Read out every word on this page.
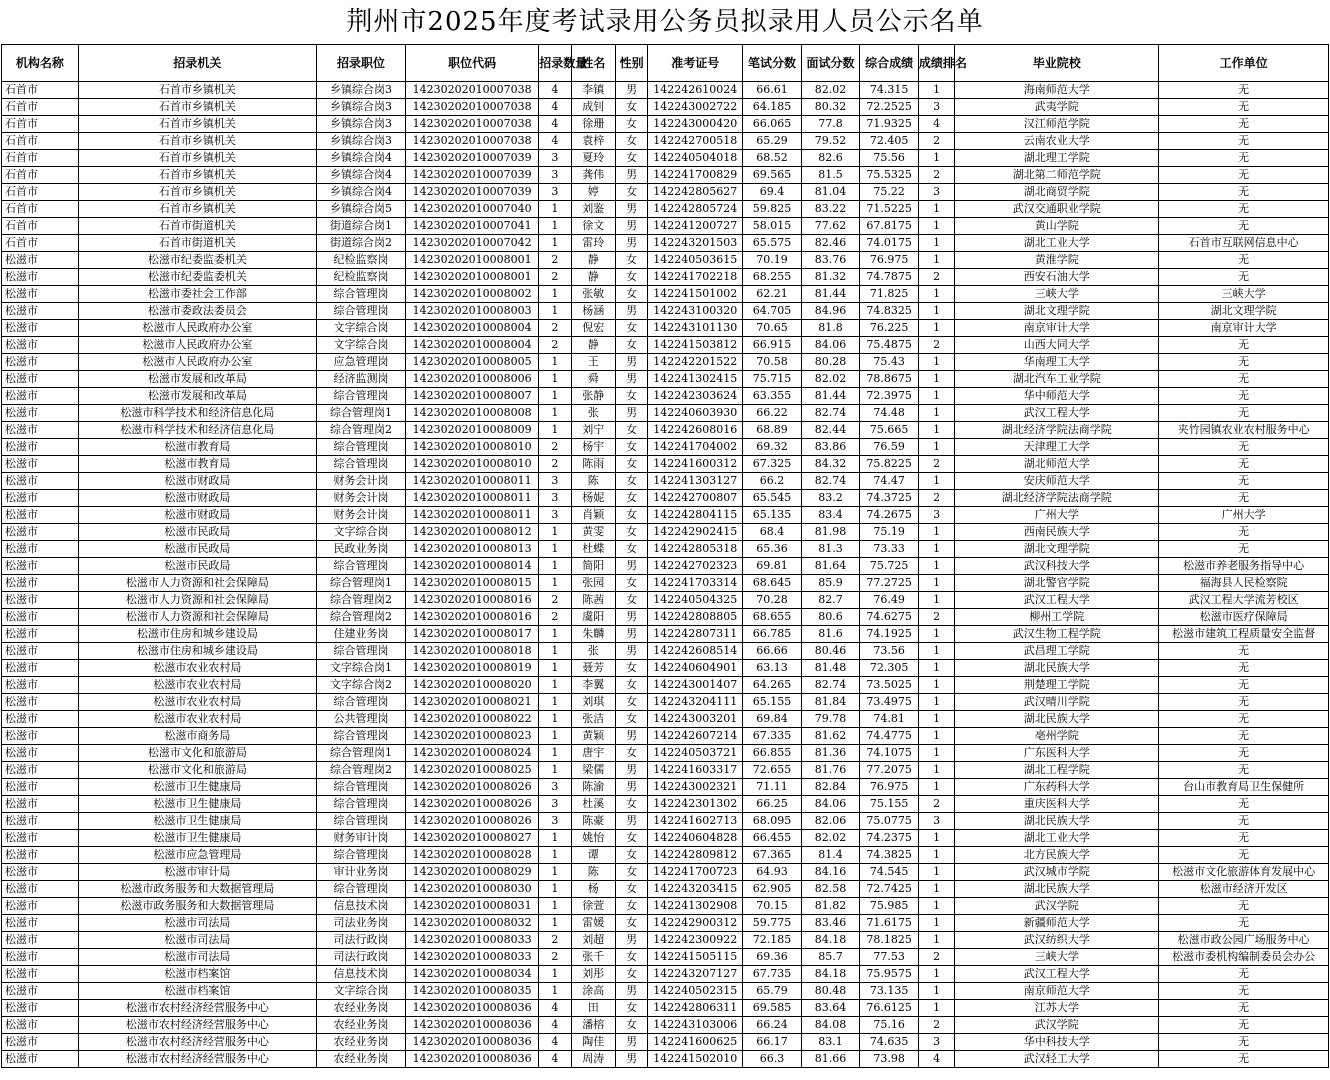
荆州市2025年度考试录用公务员拟录用人员公示名单
机构名称	招录机关	招录职位	职位代码	招录数量	姓名	性别	准考证号	笔试分数	面试分数	综合成绩	成绩排名	毕业院校	工作单位
石首市	石首市乡镇机关	乡镇综合岗3	14230202010007038	4	李镇	男	142242610024	66.61	82.02	74.315	1	海南师范大学	无
石首市	石首市乡镇机关	乡镇综合岗3	14230202010007038	4	成钊	女	142243002722	64.185	80.32	72.2525	3	武夷学院	无
石首市	石首市乡镇机关	乡镇综合岗3	14230202010007038	4	徐珊	女	142243000420	66.065	77.8	71.9325	4	汉江师范学院	无
石首市	石首市乡镇机关	乡镇综合岗3	14230202010007038	4	袁梓	女	142242700518	65.29	79.52	72.405	2	云南农业大学	无
石首市	石首市乡镇机关	乡镇综合岗4	14230202010007039	3	夏玲	女	142240504018	68.52	82.6	75.56	1	湖北理工学院	无
石首市	石首市乡镇机关	乡镇综合岗4	14230202010007039	3	龚伟	男	142241700829	69.565	81.5	75.5325	2	湖北第二师范学院	无
石首市	石首市乡镇机关	乡镇综合岗4	14230202010007039	3	婷	女	142242805627	69.4	81.04	75.22	3	湖北商贸学院	无
石首市	石首市乡镇机关	乡镇综合岗5	14230202010007040	1	刘鉴	男	142242805724	59.825	83.22	71.5225	1	武汉交通职业学院	无
石首市	石首市街道机关	街道综合岗1	14230202010007041	1	徐文	男	142241200727	58.015	77.62	67.8175	1	黄山学院	无
石首市	石首市街道机关	街道综合岗2	14230202010007042	1	雷玲	男	142243201503	65.575	82.46	74.0175	1	湖北工业大学	石首市互联网信息中心
松滋市	松滋市纪委监委机关	纪检监察岗	14230202010008001	2	静	女	142240503615	70.19	83.76	76.975	1	黄淮学院	无
松滋市	松滋市纪委监委机关	纪检监察岗	14230202010008001	2	静	女	142241702218	68.255	81.32	74.7875	2	西安石油大学	无
松滋市	松滋市委社会工作部	综合管理岗	14230202010008002	1	张敏	女	142241501002	62.21	81.44	71.825	1	三峡大学	三峡大学
松滋市	松滋市委政法委员会	综合管理岗	14230202010008003	1	杨涵	男	142243100320	64.705	84.96	74.8325	1	湖北文理学院	湖北文理学院
松滋市	松滋市人民政府办公室	文字综合岗	14230202010008004	2	倪宏	女	142243101130	70.65	81.8	76.225	1	南京审计大学	南京审计大学
松滋市	松滋市人民政府办公室	文字综合岗	14230202010008004	2	静	女	142241503812	66.915	84.06	75.4875	2	山西大同大学	无
松滋市	松滋市人民政府办公室	应急管理岗	14230202010008005	1	王	男	142242201522	70.58	80.28	75.43	1	华南理工大学	无
松滋市	松滋市发展和改革局	经济监测岗	14230202010008006	1	舜	男	142241302415	75.715	82.02	78.8675	1	湖北汽车工业学院	无
松滋市	松滋市发展和改革局	综合管理岗	14230202010008007	1	张静	女	142242303624	63.355	81.44	72.3975	1	华中师范大学	无
松滋市	松滋市科学技术和经济信息化局	综合管理岗1	14230202010008008	1	张	男	142240603930	66.22	82.74	74.48	1	武汉工程大学	无
松滋市	松滋市科学技术和经济信息化局	综合管理岗2	14230202010008009	1	刘宁	女	142242608016	68.89	82.44	75.665	1	湖北经济学院法商学院	夹竹园镇农业农村服务中心
松滋市	松滋市教育局	综合管理岗	14230202010008010	2	杨宇	女	142241704002	69.32	83.86	76.59	1	天津理工大学	无
松滋市	松滋市教育局	综合管理岗	14230202010008010	2	陈雨	女	142241600312	67.325	84.32	75.8225	2	湖北师范大学	无
松滋市	松滋市财政局	财务会计岗	14230202010008011	3	陈	女	142241303127	66.2	82.74	74.47	1	安庆师范大学	无
松滋市	松滋市财政局	财务会计岗	14230202010008011	3	杨妮	女	142242700807	65.545	83.2	74.3725	2	湖北经济学院法商学院	无
松滋市	松滋市财政局	财务会计岗	14230202010008011	3	肖颖	女	142242804115	65.135	83.4	74.2675	3	广州大学	广州大学
松滋市	松滋市民政局	文字综合岗	14230202010008012	1	黄雯	女	142242902415	68.4	81.98	75.19	1	西南民族大学	无
松滋市	松滋市民政局	民政业务岗	14230202010008013	1	杜蝶	女	142242805318	65.36	81.3	73.33	1	湖北文理学院	无
松滋市	松滋市民政局	综合管理岗	14230202010008014	1	简阳	男	142242702323	69.81	81.64	75.725	1	武汉科技大学	松滋市养老服务指导中心
松滋市	松滋市人力资源和社会保障局	综合管理岗1	14230202010008015	1	张园	女	142241703314	68.645	85.9	77.2725	1	湖北警官学院	福海县人民检察院
松滋市	松滋市人力资源和社会保障局	综合管理岗2	14230202010008016	2	陈茜	女	142240504325	70.28	82.7	76.49	1	武汉工程大学	武汉工程大学流芳校区
松滋市	松滋市人力资源和社会保障局	综合管理岗2	14230202010008016	2	虞阳	男	142242808805	68.655	80.6	74.6275	2	柳州工学院	松滋市医疗保障局
松滋市	松滋市住房和城乡建设局	住建业务岗	14230202010008017	1	朱麟	男	142242807311	66.785	81.6	74.1925	1	武汉生物工程学院	松滋市建筑工程质量安全监督
松滋市	松滋市住房和城乡建设局	综合管理岗	14230202010008018	1	张	男	142242608514	66.66	80.46	73.56	1	武昌理工学院	无
松滋市	松滋市农业农村局	文字综合岗1	14230202010008019	1	聂芳	女	142240604901	63.13	81.48	72.305	1	湖北民族大学	无
松滋市	松滋市农业农村局	文字综合岗2	14230202010008020	1	李翼	女	142243001407	64.265	82.74	73.5025	1	荆楚理工学院	无
松滋市	松滋市农业农村局	综合管理岗	14230202010008021	1	刘琪	女	142243204111	65.155	81.84	73.4975	1	武汉晴川学院	无
松滋市	松滋市农业农村局	公共管理岗	14230202010008022	1	张洁	女	142243003201	69.84	79.78	74.81	1	湖北民族大学	无
松滋市	松滋市商务局	综合管理岗	14230202010008023	1	黄颖	男	142242607214	67.335	81.62	74.4775	1	亳州学院	无
松滋市	松滋市文化和旅游局	综合管理岗1	14230202010008024	1	唐宇	女	142240503721	66.855	81.36	74.1075	1	广东医科大学	无
松滋市	松滋市文化和旅游局	综合管理岗2	14230202010008025	1	梁儒	男	142241603317	72.655	81.76	77.2075	1	湖北工程学院	无
松滋市	松滋市卫生健康局	综合管理岗	14230202010008026	3	陈渝	男	142243002321	71.11	82.84	76.975	1	广东药科大学	台山市教育局卫生保健所
松滋市	松滋市卫生健康局	综合管理岗	14230202010008026	3	杜溪	女	142242301302	66.25	84.06	75.155	2	重庆医科大学	无
松滋市	松滋市卫生健康局	综合管理岗	14230202010008026	3	陈豪	男	142241602713	68.095	82.06	75.0775	3	湖北民族大学	无
松滋市	松滋市卫生健康局	财务审计岗	14230202010008027	1	姚怡	女	142240604828	66.455	82.02	74.2375	1	湖北工业大学	无
松滋市	松滋市应急管理局	综合管理岗	14230202010008028	1	谭	女	142242809812	67.365	81.4	74.3825	1	北方民族大学	无
松滋市	松滋市审计局	审计业务岗	14230202010008029	1	陈	女	142241700723	64.93	84.16	74.545	1	武汉城市学院	松滋市文化旅游体育发展中心
松滋市	松滋市政务服务和大数据管理局	综合管理岗	14230202010008030	1	杨	女	142243203415	62.905	82.58	72.7425	1	湖北民族大学	松滋市经济开发区
松滋市	松滋市政务服务和大数据管理局	信息技术岗	14230202010008031	1	徐萱	女	142241302908	70.15	81.82	75.985	1	武汉学院	无
松滋市	松滋市司法局	司法业务岗	14230202010008032	1	雷媛	女	142242900312	59.775	83.46	71.6175	1	新疆师范大学	无
松滋市	松滋市司法局	司法行政岗	14230202010008033	2	刘超	男	142242300922	72.185	84.18	78.1825	1	武汉纺织大学	松滋市政公园广场服务中心
松滋市	松滋市司法局	司法行政岗	14230202010008033	2	张千	女	142241505115	69.36	85.7	77.53	2	三峡大学	松滋市委机构编制委员会办公
松滋市	松滋市档案馆	信息技术岗	14230202010008034	1	刘彤	女	142243207127	67.735	84.18	75.9575	1	武汉工程大学	无
松滋市	松滋市档案馆	文字综合岗	14230202010008035	1	涂高	男	142240502315	65.79	80.48	73.135	1	南京师范大学	无
松滋市	松滋市农村经济经营服务中心	农经业务岗	14230202010008036	4	田	女	142242806311	69.585	83.64	76.6125	1	江苏大学	无
松滋市	松滋市农村经济经营服务中心	农经业务岗	14230202010008036	4	潘榕	女	142243103006	66.24	84.08	75.16	2	武汉学院	无
松滋市	松滋市农村经济经营服务中心	农经业务岗	14230202010008036	4	陶佳	男	142241600625	66.17	83.1	74.635	3	华中科技大学	无
松滋市	松滋市农村经济经营服务中心	农经业务岗	14230202010008036	4	周涛	男	142241502010	66.3	81.66	73.98	4	武汉轻工大学	无
